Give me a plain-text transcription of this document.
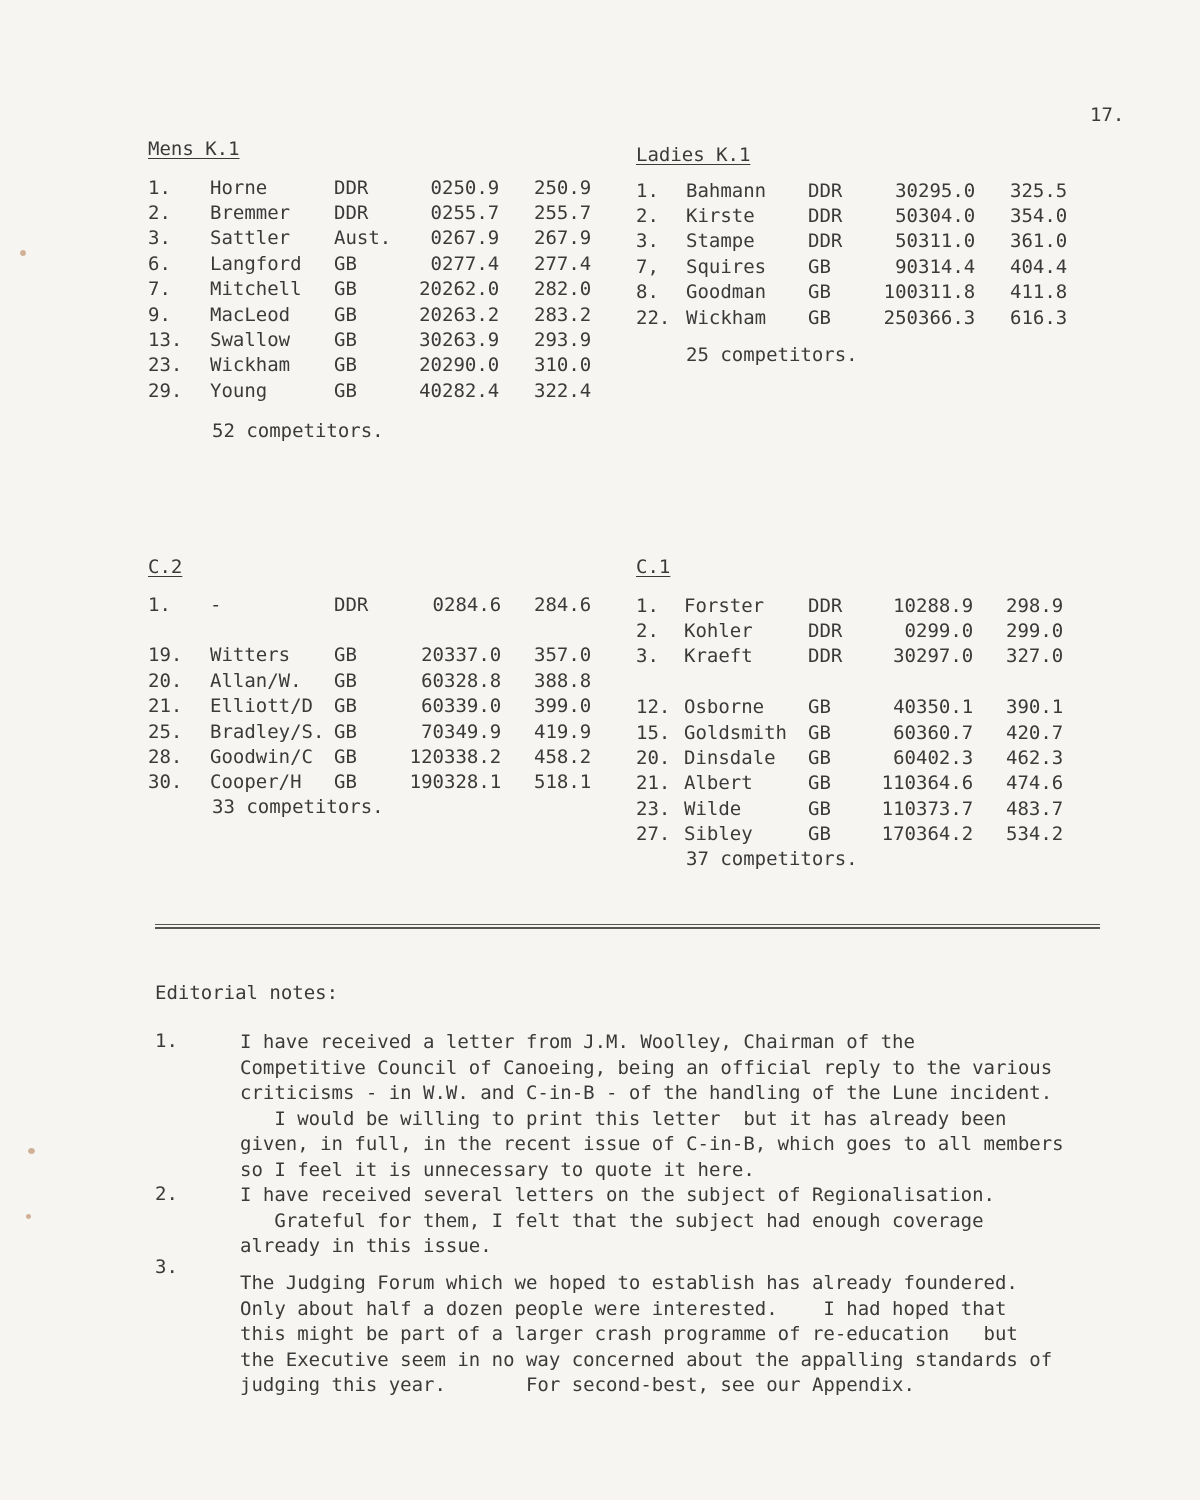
17.
Mens K.1
1.	Horne	DDR	0	250.9	250.9
2.	Bremmer	DDR	0	255.7	255.7
3.	Sattler	Aust.	0	267.9	267.9
6.	Langford	GB	0	277.4	277.4
7.	Mitchell	GB	20	262.0	282.0
9.	MacLeod	GB	20	263.2	283.2
13.	Swallow	GB	30	263.9	293.9
23.	Wickham	GB	20	290.0	310.0
29.	Young	GB	40	282.4	322.4
52 competitors.
Ladies K.1
1.	Bahmann	DDR	30	295.0	325.5
2.	Kirste	DDR	50	304.0	354.0
3.	Stampe	DDR	50	311.0	361.0
7,	Squires	GB	90	314.4	404.4
8.	Goodman	GB	100	311.8	411.8
22.	Wickham	GB	250	366.3	616.3
25 competitors.
C.2
1.	-	DDR	0	284.6	284.6

19.	Witters	GB	20	337.0	357.0
20.	Allan/W.	GB	60	328.8	388.8
21.	Elliott/D	GB	60	339.0	399.0
25.	Bradley/S.	GB	70	349.9	419.9
28.	Goodwin/C	GB	120	338.2	458.2
30.	Cooper/H	GB	190	328.1	518.1
33 competitors.
C.1
1.	Forster	DDR	10	288.9	298.9
2.	Kohler	DDR	0	299.0	299.0
3.	Kraeft	DDR	30	297.0	327.0

12.	Osborne	GB	40	350.1	390.1
15.	Goldsmith	GB	60	360.7	420.7
20.	Dinsdale	GB	60	402.3	462.3
21.	Albert	GB	110	364.6	474.6
23.	Wilde	GB	110	373.7	483.7
27.	Sibley	GB	170	364.2	534.2
37 competitors.
Editorial notes:
1.	I have received a letter from J.M. Woolley, Chairman of the
Competitive Council of Canoeing, being an official reply to the various
criticisms - in W.W. and C-in-B - of the handling of the Lune incident.
I would be willing to print this letter  but it has already been
given, in full, in the recent issue of C-in-B, which goes to all members
so I feel it is unnecessary to quote it here.
2.	I have received several letters on the subject of Regionalisation.
Grateful for them, I felt that the subject had enough coverage
already in this issue.
3.
The Judging Forum which we hoped to establish has already foundered.
Only about half a dozen people were interested.    I had hoped that
this might be part of a larger crash programme of re-education   but
the Executive seem in no way concerned about the appalling standards of
judging this year.       For second-best, see our Appendix.
